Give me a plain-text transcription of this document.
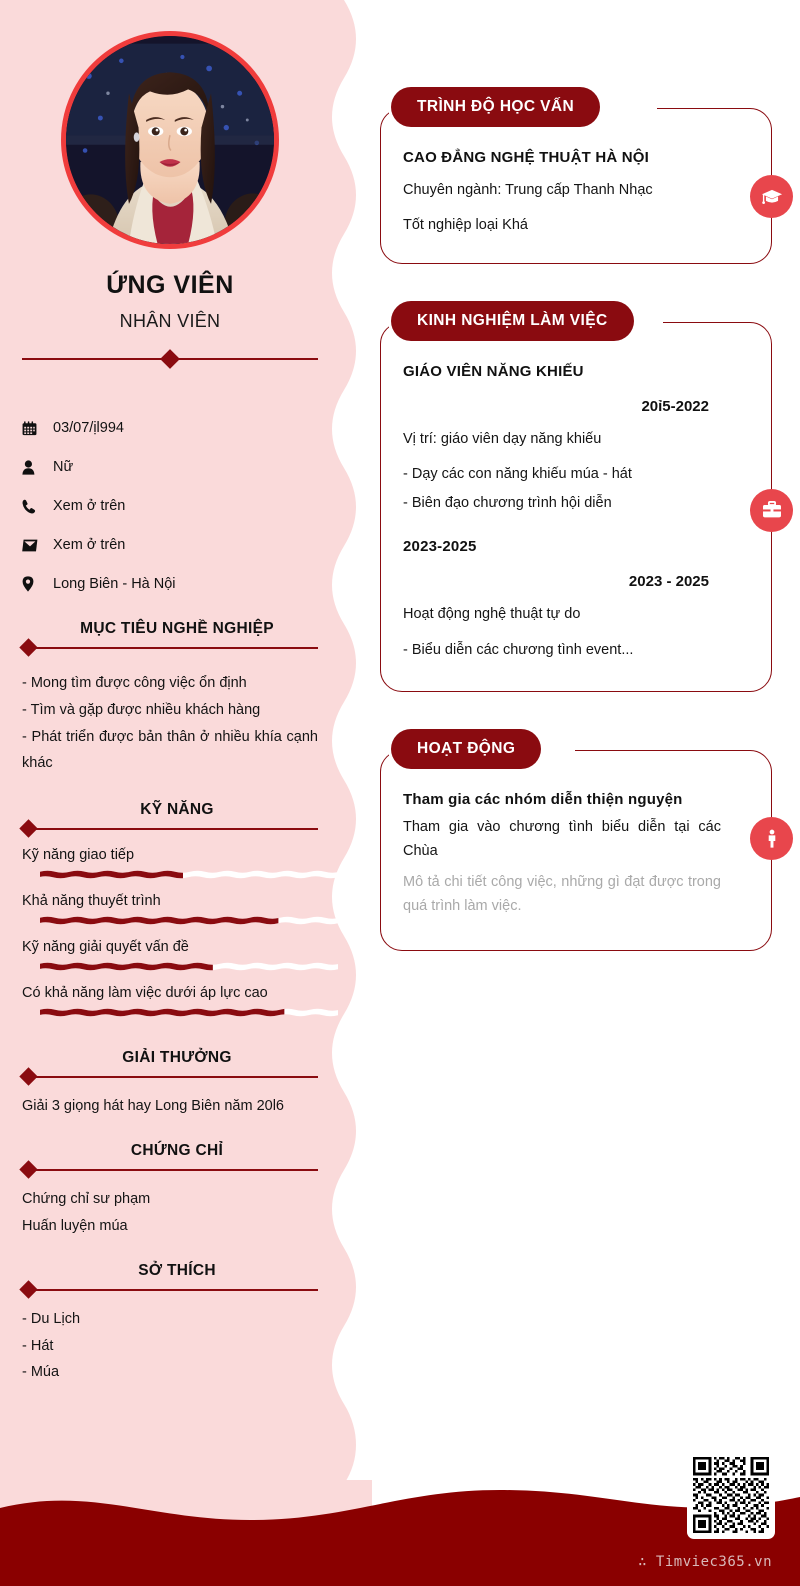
ỨNG VIÊN
NHÂN VIÊN
03/07/ịl994
Nữ
Xem ở trên
Xem ở trên
Long Biên - Hà Nội
MỤC TIÊU NGHỀ NGHIỆP
- Mong tìm được công việc ổn định
- Tìm và gặp được nhiều khách hàng
- Phát triển được bản thân ở nhiều khía cạnh khác
KỸ NĂNG
Kỹ năng giao tiếp
Khả năng thuyết trình
Kỹ năng giải quyết vấn đề
Có khả năng làm việc dưới áp lực cao
GIẢI THƯỞNG
Giải 3 giọng hát hay Long Biên năm 20l6
CHỨNG CHỈ
Chứng chỉ sư phạm
Huấn luyện múa
SỞ THÍCH
- Du Lịch
- Hát
- Múa
TRÌNH ĐỘ HỌC VẤN
CAO ĐẲNG NGHỆ THUẬT HÀ NỘI
Chuyên ngành: Trung cấp Thanh Nhạc
Tốt nghiệp loại Khá
KINH NGHIỆM LÀM VIỆC
GIÁO VIÊN NĂNG KHIẾU
20ỉ5-2022
Vị trí: giáo viên dạy năng khiếu
- Dạy các con năng khiếu múa - hát
- Biên đạo chương trình hội diễn
2023-2025
2023 - 2025
Hoạt động nghệ thuật tự do
- Biểu diễn các chương tình event...
HOẠT ĐỘNG
Tham gia các nhóm diễn thiện nguyện
Tham gia vào chương tình biểu diễn tại các Chùa
Mô tả chi tiết công việc, những gì đạt được trong quá trình làm việc.
∴ Timviec365.vn
